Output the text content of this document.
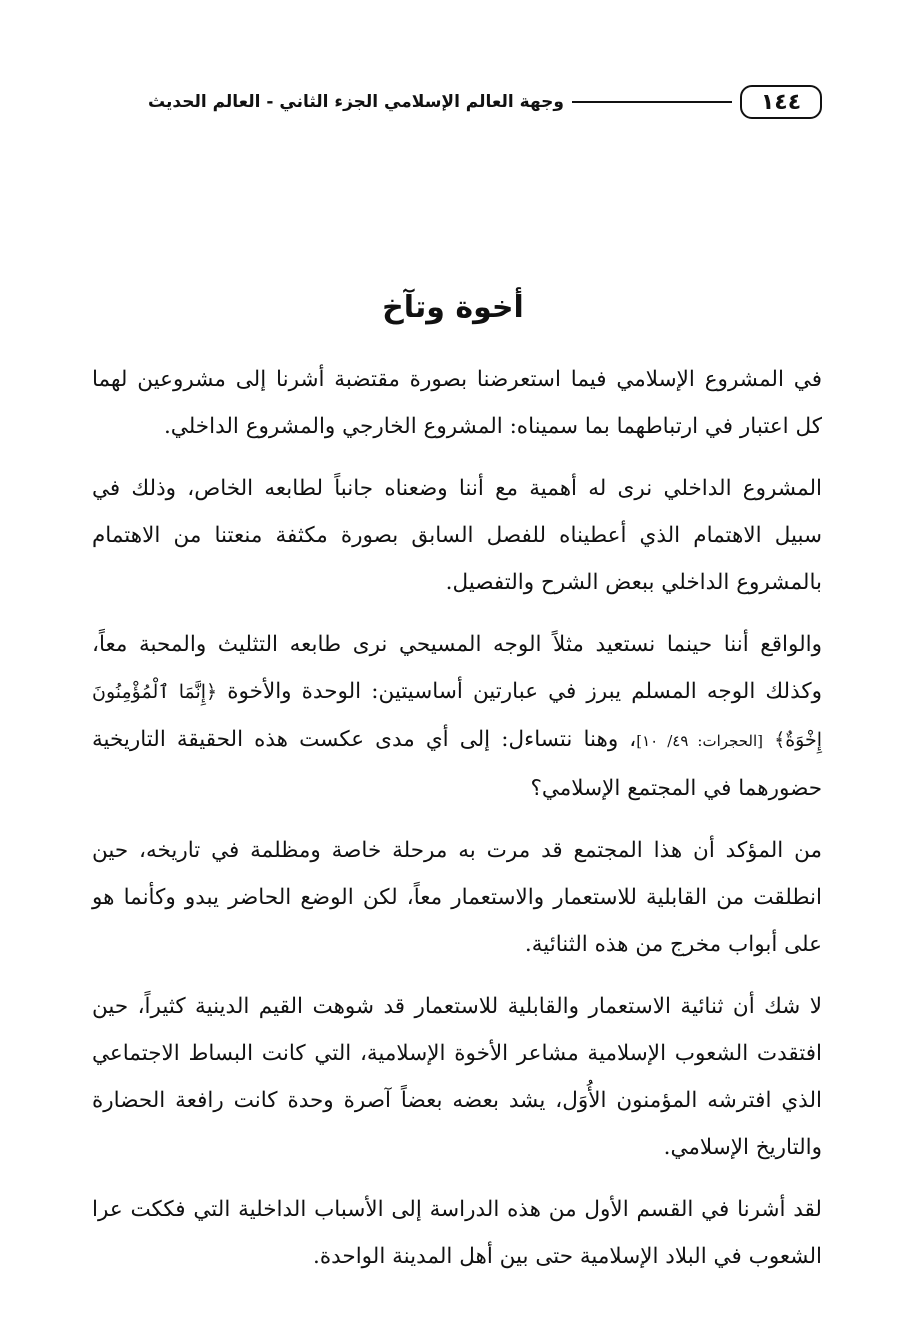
١٤٤
وجهة العالم الإسلامي الجزء الثاني - العالم الحديث
أخوة وتآخ

في المشروع الإسلامي فيما استعرضنا بصورة مقتضبة أشرنا إلى مشروعين لهما كل اعتبار في ارتباطهما بما سميناه: المشروع الخارجي والمشروع الداخلي.

المشروع الداخلي نرى له أهمية مع أننا وضعناه جانباً لطابعه الخاص، وذلك في سبيل الاهتمام الذي أعطيناه للفصل السابق بصورة مكثفة منعتنا من الاهتمام بالمشروع الداخلي ببعض الشرح والتفصيل.

والواقع أننا حينما نستعيد مثلاً الوجه المسيحي نرى طابعه التثليث والمحبة معاً، وكذلك الوجه المسلم يبرز في عبارتين أساسيتين: الوحدة والأخوة ﴿إِنَّمَا ٱلْمُؤْمِنُونَ إِخْوَةٌ﴾ [الحجرات: ٤٩/ ١٠]، وهنا نتساءل: إلى أي مدى عكست هذه الحقيقة التاريخية حضورهما في المجتمع الإسلامي؟

من المؤكد أن هذا المجتمع قد مرت به مرحلة خاصة ومظلمة في تاريخه، حين انطلقت من القابلية للاستعمار والاستعمار معاً، لكن الوضع الحاضر يبدو وكأنما هو على أبواب مخرج من هذه الثنائية.

لا شك أن ثنائية الاستعمار والقابلية للاستعمار قد شوهت القيم الدينية كثيراً، حين افتقدت الشعوب الإسلامية مشاعر الأخوة الإسلامية، التي كانت البساط الاجتماعي الذي افترشه المؤمنون الأُوَل، يشد بعضه بعضاً آصرة وحدة كانت رافعة الحضارة والتاريخ الإسلامي.

لقد أشرنا في القسم الأول من هذه الدراسة إلى الأسباب الداخلية التي فككت عرا الشعوب في البلاد الإسلامية حتى بين أهل المدينة الواحدة.
